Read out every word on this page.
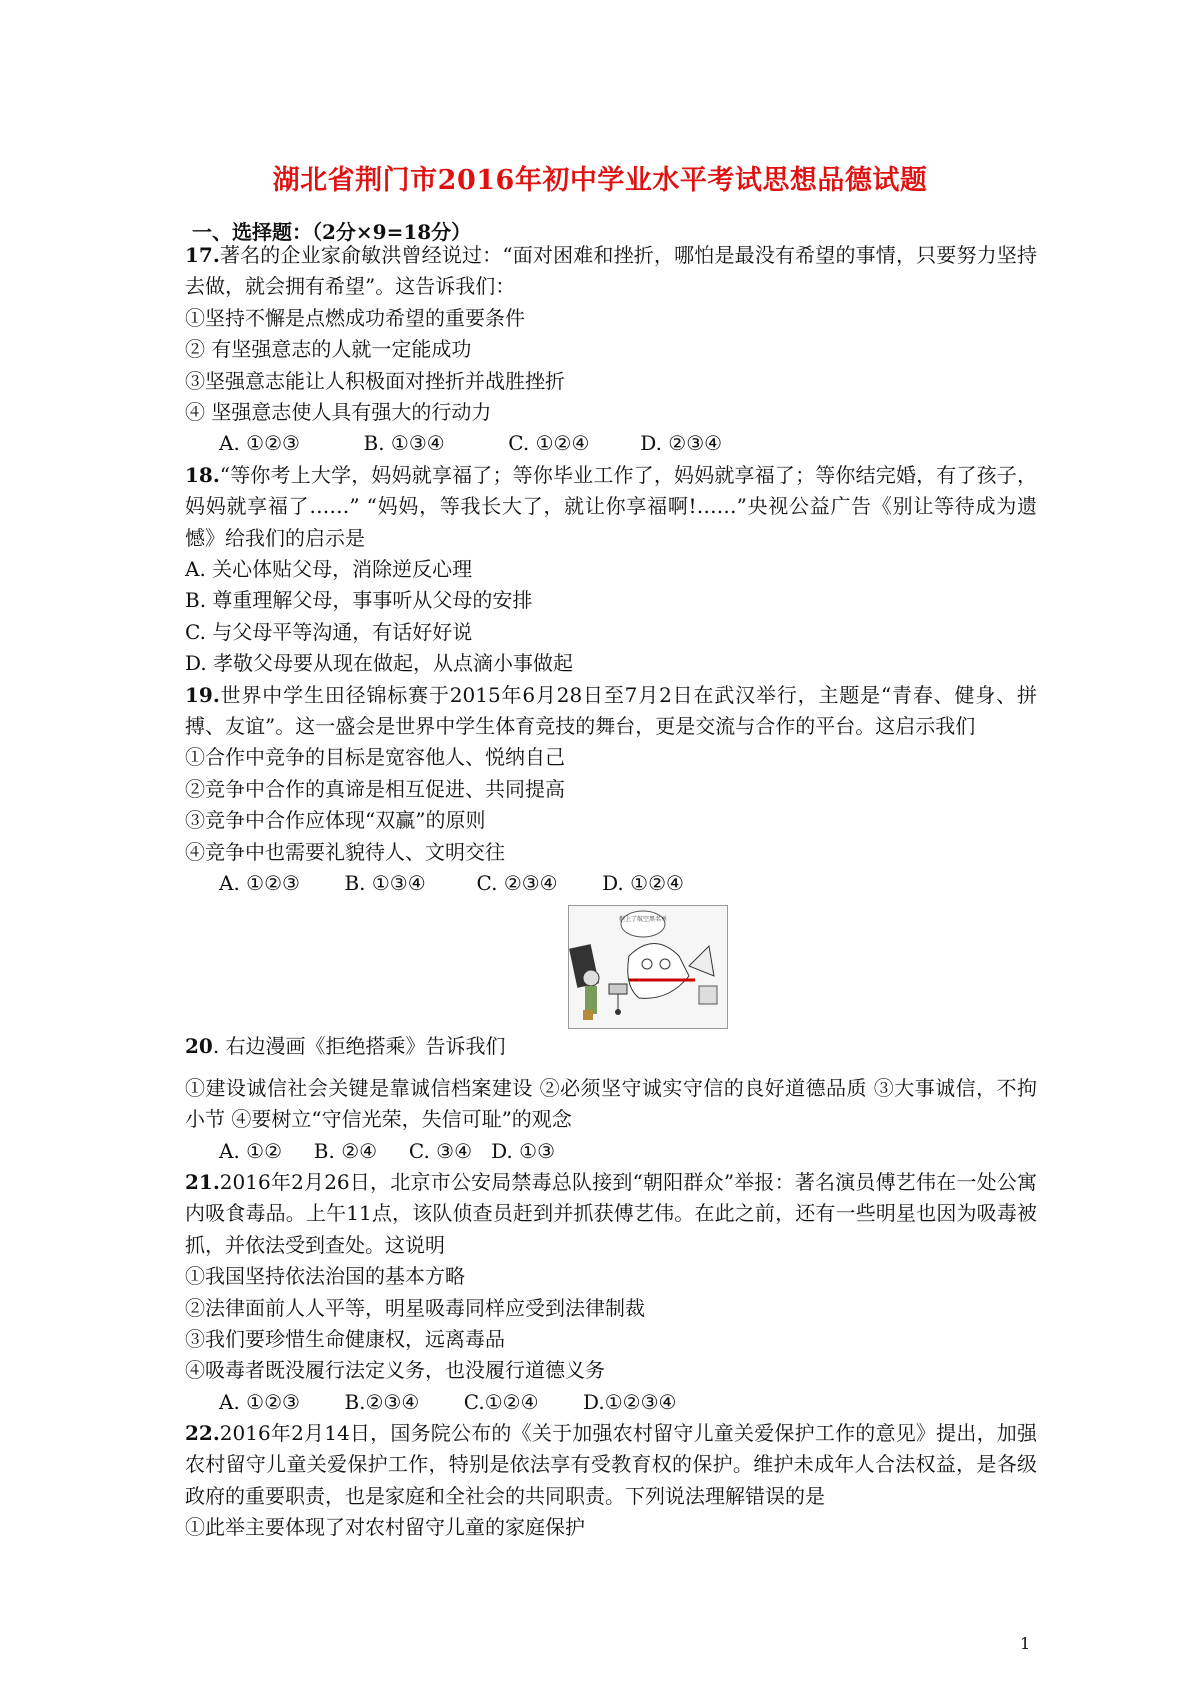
湖北省荆门市2016年初中学业水平考试思想品德试题
一、选择题：（2分×9=18分）
17.著名的企业家俞敏洪曾经说过：“面对困难和挫折，哪怕是最没有希望的事情，只要努力坚持去做，就会拥有希望”。这告诉我们：
①坚持不懈是点燃成功希望的重要条件
② 有坚强意志的人就一定能成功
③坚强意志能让人积极面对挫折并战胜挫折
④ 坚强意志使人具有强大的行动力
A. ①②③          B. ①③④          C. ①②④        D. ②③④
18.“等你考上大学，妈妈就享福了；等你毕业工作了，妈妈就享福了；等你结完婚，有了孩子，妈妈就享福了……” “妈妈，等我长大了，就让你享福啊!……”央视公益广告《别让等待成为遗憾》给我们的启示是
A. 关心体贴父母，消除逆反心理
B. 尊重理解父母，事事听从父母的安排
C. 与父母平等沟通，有话好好说
D. 孝敬父母要从现在做起，从点滴小事做起
19.世界中学生田径锦标赛于2015年6月28日至7月2日在武汉举行，主题是“青春、健身、拼搏、友谊”。这一盛会是世界中学生体育竞技的舞台，更是交流与合作的平台。这启示我们
①合作中竞争的目标是宽容他人、悦纳自己
②竞争中合作的真谛是相互促进、共同提高
③竞争中合作应体现“双赢”的原则
④竞争中也需要礼貌待人、文明交往
A. ①②③       B. ①③④        C. ②③④       D. ①②④
拒上了航空黑名单
20. 右边漫画《拒绝搭乘》告诉我们
①建设诚信社会关键是靠诚信档案建设 ②必须坚守诚实守信的良好道德品质 ③大事诚信，不拘小节 ④要树立“守信光荣，失信可耻”的观念
A. ①②     B. ②④     C. ③④   D. ①③
21.2016年2月26日，北京市公安局禁毒总队接到“朝阳群众”举报：著名演员傅艺伟在一处公寓内吸食毒品。上午11点，该队侦查员赶到并抓获傅艺伟。在此之前，还有一些明星也因为吸毒被抓，并依法受到查处。这说明
①我国坚持依法治国的基本方略
②法律面前人人平等，明星吸毒同样应受到法律制裁
③我们要珍惜生命健康权，远离毒品
④吸毒者既没履行法定义务，也没履行道德义务
A. ①②③       B.②③④       C.①②④       D.①②③④
22.2016年2月14日，国务院公布的《关于加强农村留守儿童关爱保护工作的意见》提出，加强农村留守儿童关爱保护工作，特别是依法享有受教育权的保护。维护未成年人合法权益，是各级政府的重要职责，也是家庭和全社会的共同职责。下列说法理解错误的是
①此举主要体现了对农村留守儿童的家庭保护
1
